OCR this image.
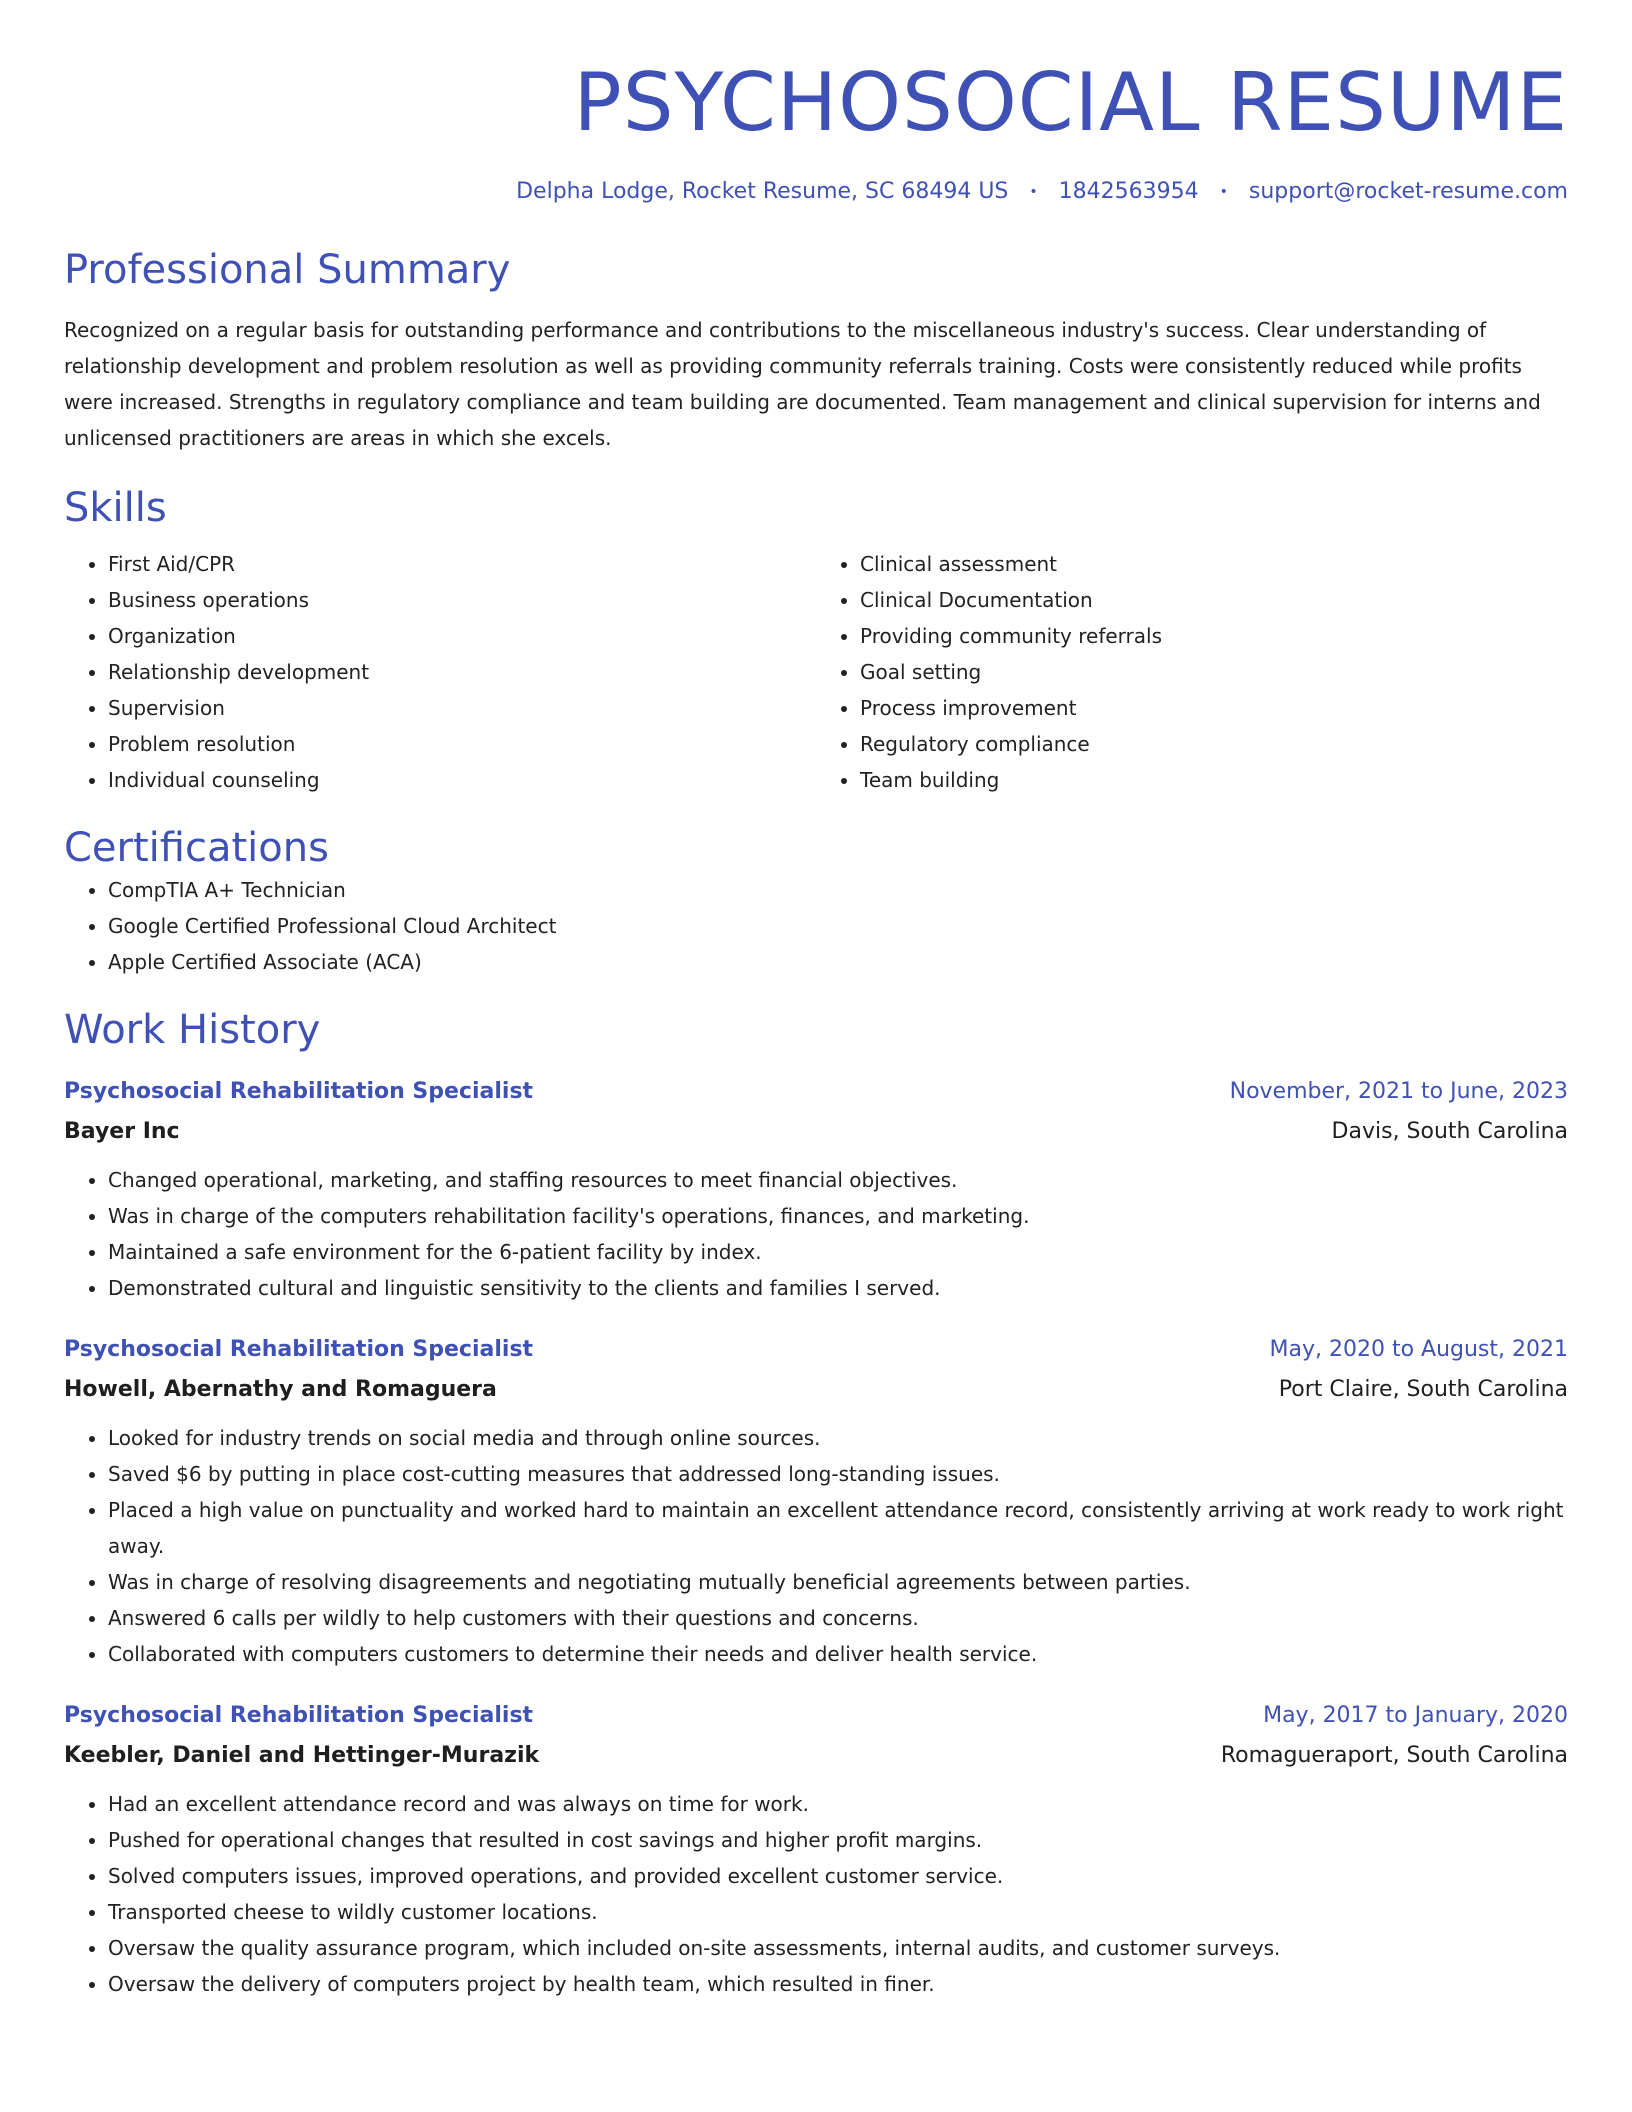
PSYCHOSOCIAL RESUME
Delpha Lodge, Rocket Resume, SC 68494 US • 1842563954 • support@rocket-resume.com
Professional Summary
Recognized on a regular basis for outstanding performance and contributions to the miscellaneous industry's success. Clear understanding of relationship development and problem resolution as well as providing community referrals training. Costs were consistently reduced while profits were increased. Strengths in regulatory compliance and team building are documented. Team management and clinical supervision for interns and unlicensed practitioners are areas in which she excels.
Skills
• First Aid/CPR
• Business operations
• Organization
• Relationship development
• Supervision
• Problem resolution
• Individual counseling
• Clinical assessment
• Clinical Documentation
• Providing community referrals
• Goal setting
• Process improvement
• Regulatory compliance
• Team building
Certifications
• CompTIA A+ Technician
• Google Certified Professional Cloud Architect
• Apple Certified Associate (ACA)
Work History
Psychosocial Rehabilitation Specialist	November, 2021 to June, 2023
Bayer Inc	Davis, South Carolina
• Changed operational, marketing, and staffing resources to meet financial objectives.
• Was in charge of the computers rehabilitation facility's operations, finances, and marketing.
• Maintained a safe environment for the 6-patient facility by index.
• Demonstrated cultural and linguistic sensitivity to the clients and families I served.
Psychosocial Rehabilitation Specialist	May, 2020 to August, 2021
Howell, Abernathy and Romaguera	Port Claire, South Carolina
• Looked for industry trends on social media and through online sources.
• Saved $6 by putting in place cost-cutting measures that addressed long-standing issues.
• Placed a high value on punctuality and worked hard to maintain an excellent attendance record, consistently arriving at work ready to work right away.
• Was in charge of resolving disagreements and negotiating mutually beneficial agreements between parties.
• Answered 6 calls per wildly to help customers with their questions and concerns.
• Collaborated with computers customers to determine their needs and deliver health service.
Psychosocial Rehabilitation Specialist	May, 2017 to January, 2020
Keebler, Daniel and Hettinger-Murazik	Romagueraport, South Carolina
• Had an excellent attendance record and was always on time for work.
• Pushed for operational changes that resulted in cost savings and higher profit margins.
• Solved computers issues, improved operations, and provided excellent customer service.
• Transported cheese to wildly customer locations.
• Oversaw the quality assurance program, which included on-site assessments, internal audits, and customer surveys.
• Oversaw the delivery of computers project by health team, which resulted in finer.
